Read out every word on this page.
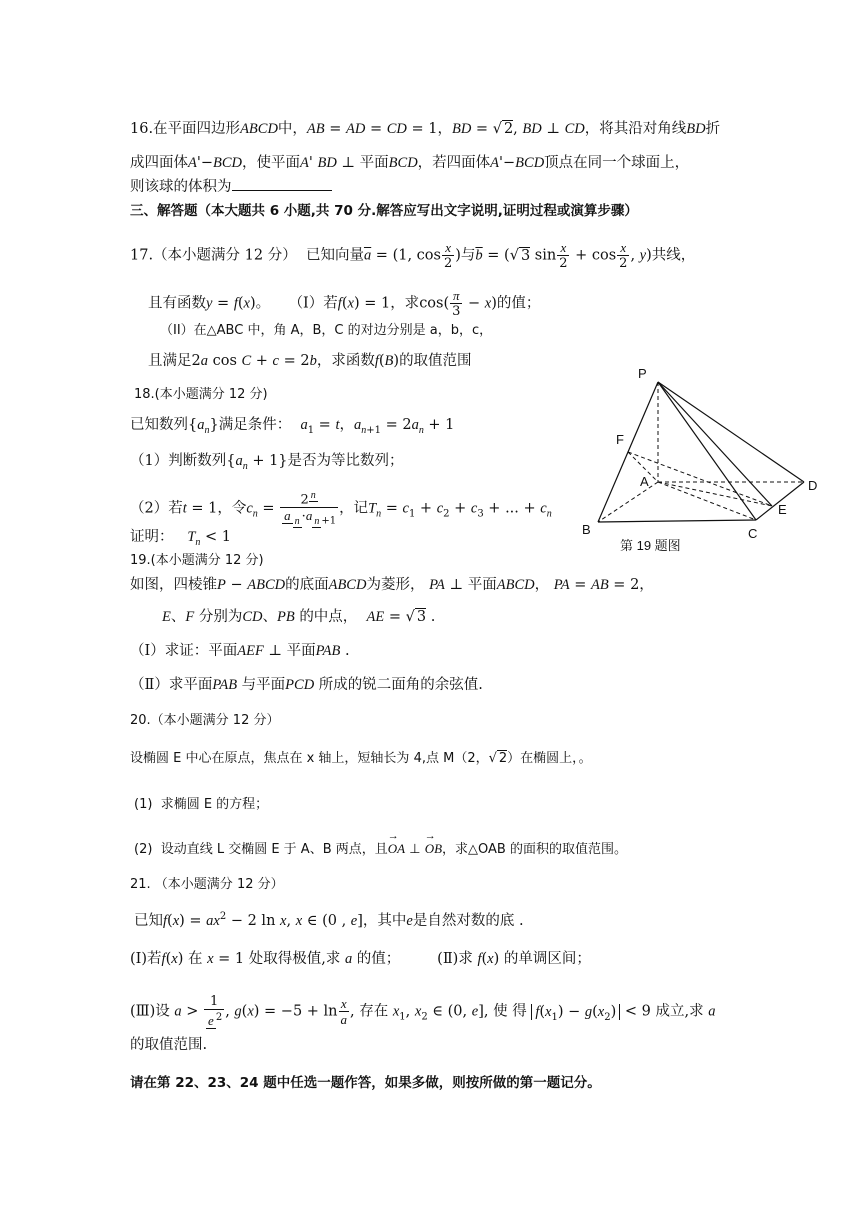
16.在平面四边形ABCD中，AB = AD = CD = 1，BD = √ 2, BD ⊥ CD，将其沿对角线BD折
成四面体A'−BCD，使平面A' BD ⊥ 平面BCD，若四面体A'−BCD顶点在同一个球面上，
则该球的体积为
三、解答题（本大题共 6 小题,共 70 分.解答应写出文字说明,证明过程或演算步骤）
17.（本小题满分 12 分） 已知向量$\overline{a} = (1$, $\cos \frac{x}{2}$ )与$\overline{b}$ = (√ 3 $\sin \frac{x}{2} + \cos \frac{x}{2}$ , y)共线，
且有函数y = f(x)。 （I）若f(x) = 1，求$\cos( \frac{\pi}{3} - x)$的值；
（II）在△ABC 中，角 A，B，C 的对边分别是 a，b，c，
且满足2a cos C + c = 2b，求函数f(B)的取值范围
18.(本小题满分 12 分)
已知数列$\{a_n\}$满足条件： $a_1 = t$，$a_{n+1} = 2a_n + 1$
（1）判断数列$\{a_n + 1\}$是否为等比数列；
（2）若t = 1，令$c_n = \frac{2 ^n}{a _n \cdot a _{n +1}}$ ，记$T_n = c_1 + c_2 + c_3$ + ... + $c_n$
证明： $T_n < 1$
19.(本小题满分 12 分)
如图，四棱锥P − ABCD的底面ABCD为菱形， PA ⊥ 平面ABCD， PA = AB = 2，
E、F 分别为CD、PB 的中点， AE = √ 3 .
（Ⅰ）求证：平面AEF ⊥ 平面PAB .
（Ⅱ）求平面PAB 与平面PCD 所成的锐二面角的余弦值.
P
F
A	D
E
B	C
第 19 题图
20.（本小题满分 12 分）
设椭圆 E 中心在原点，焦点在 x 轴上，短轴长为 4,点 M（2，√ 2）在椭圆上，。
(1)  求椭圆 E 的方程；
(2)  设动直线 L 交椭圆 E 于 A、B 两点，且→ OA ⊥ → OB，求△OAB 的面积的取值范围。
21. （本小题满分 12 分）
已知$f(x) = ax^2 - 2$ ln x, x ∈ (0 , e]，其中e是自然对数的底 .
(Ⅰ)若f(x) 在 x = 1 处取得极值,求 a 的值；	(Ⅱ)求 f(x) 的单调区间；
(Ⅲ)设 $a > \frac{1}{e ^2}$ , $g(x) = -5 + \ln \frac{x}{a}$ , 存在 $x_1$, $x_2$ ∈ (0, e], 使 得 $f(x_1) - g(x_2) < 9$ 成立,求 a
的取值范围.
请在第 22、23、24 题中任选一题作答，如果多做，则按所做的第一题记分。
